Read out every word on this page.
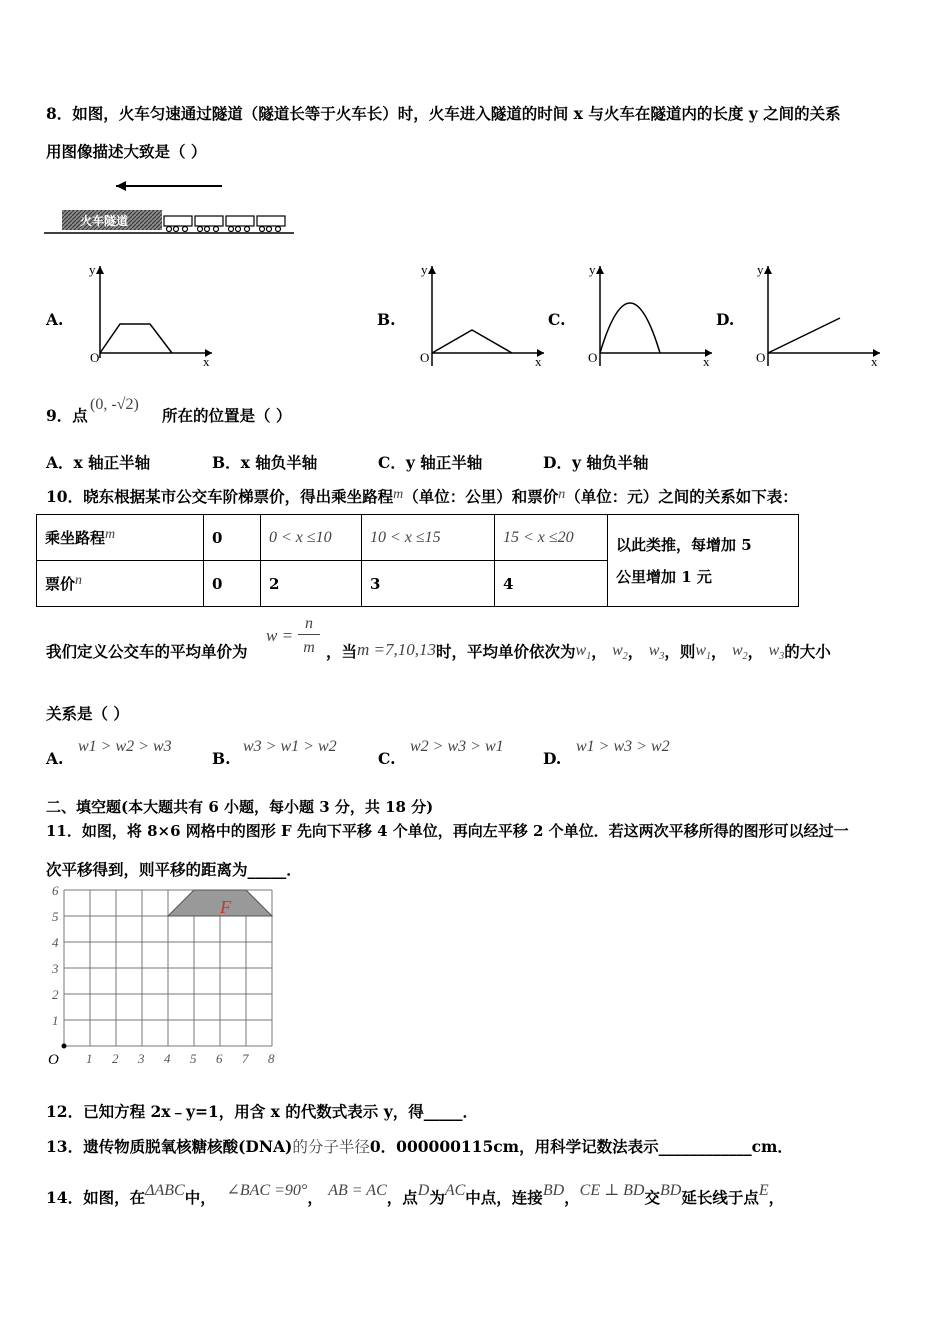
8．如图，火车匀速通过隧道（隧道长等于火车长）时，火车进入隧道的时间 x 与火车在隧道内的长度 y 之间的关系
用图像描述大致是（ ）
火车隧道
A.
y
O	x
B.
y
O	x
C.
y
O	x
D.
y
O	x
9．点
(0, -√2)
所在的位置是（ ）
A．x 轴正半轴	B．x 轴负半轴	C．y 轴正半轴	D．y 轴负半轴
10．晓东根据某市公交车阶梯票价，得出乘坐路程m（单位：公里）和票价n（单位：元）之间的关系如下表：
乘坐路程m	0	0 < x ≤10	10 < x ≤15	15 < x ≤20	以此类推，每增加 5
公里增加 1 元

票价n	0	2	3	4	
我们定义公交车的平均单价为
w =
n
m ，当m =7,10,13时，平均单价依次为$w_1$， $w_2$， $w_3$，则$w_1$， $w_2$， $w_3$的大小
关系是（ ）
A.
w1 > w2 > w3
B.
w3 > w1 > w2
C.
w2 > w3 > w1
D.
w1 > w3 > w2
二、填空题(本大题共有 6 小题，每小题 3 分，共 18 分)
11．如图，将 8×6 网格中的图形 F 先向下平移 4 个单位，再向左平移 2 个单位．若这两次平移所得的图形可以经过一
次平移得到，则平移的距离为_____．
F
O
6
5
4
3
2
1
1 2 3 4 5 6 7 8
12．已知方程 2x﹣y=1，用含 x 的代数式表示 y，得_____．
13．遗传物质脱氧核糖核酸(DNA)的分子半径0．000000115cm，用科学记数法表示____________cm．
14．如图，在ΔABC中， ∠BAC =90°， AB = AC，点D为AC中点，连接BD，CE ⊥ BD交BD延长线于点E，
